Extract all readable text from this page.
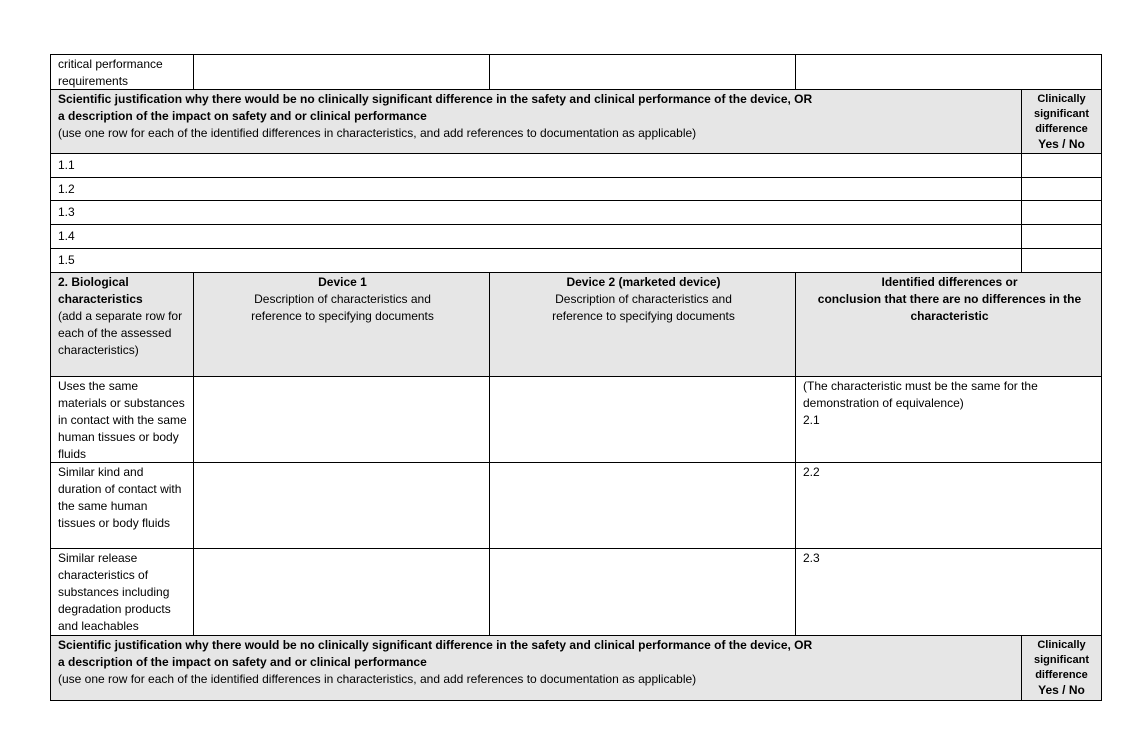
critical performance requirements
Scientific justification why there would be no clinically significant difference in the safety and clinical performance of the device, OR
a description of the impact on safety and or clinical performance
(use one row for each of the identified differences in characteristics, and add references to documentation as applicable)
Clinically
significant
difference
Yes / No
1.1
1.2
1.3
1.4
1.5
2. Biological characteristics
(add a separate row for each of the assessed characteristics)
Device 1
Description of characteristics and
reference to specifying documents
Device 2 (marketed device)
Description of characteristics and
reference to specifying documents
Identified differences or
conclusion that there are no differences in the
characteristic
Uses the same materials or substances in contact with the same human tissues or body fluids
(The characteristic must be the same for the
demonstration of equivalence)
2.1
Similar kind and duration of contact with the same human tissues or body fluids
2.2
Similar release characteristics of substances including degradation products and leachables
2.3
Scientific justification why there would be no clinically significant difference in the safety and clinical performance of the device, OR
a description of the impact on safety and or clinical performance
(use one row for each of the identified differences in characteristics, and add references to documentation as applicable)
Clinically
significant
difference
Yes / No
